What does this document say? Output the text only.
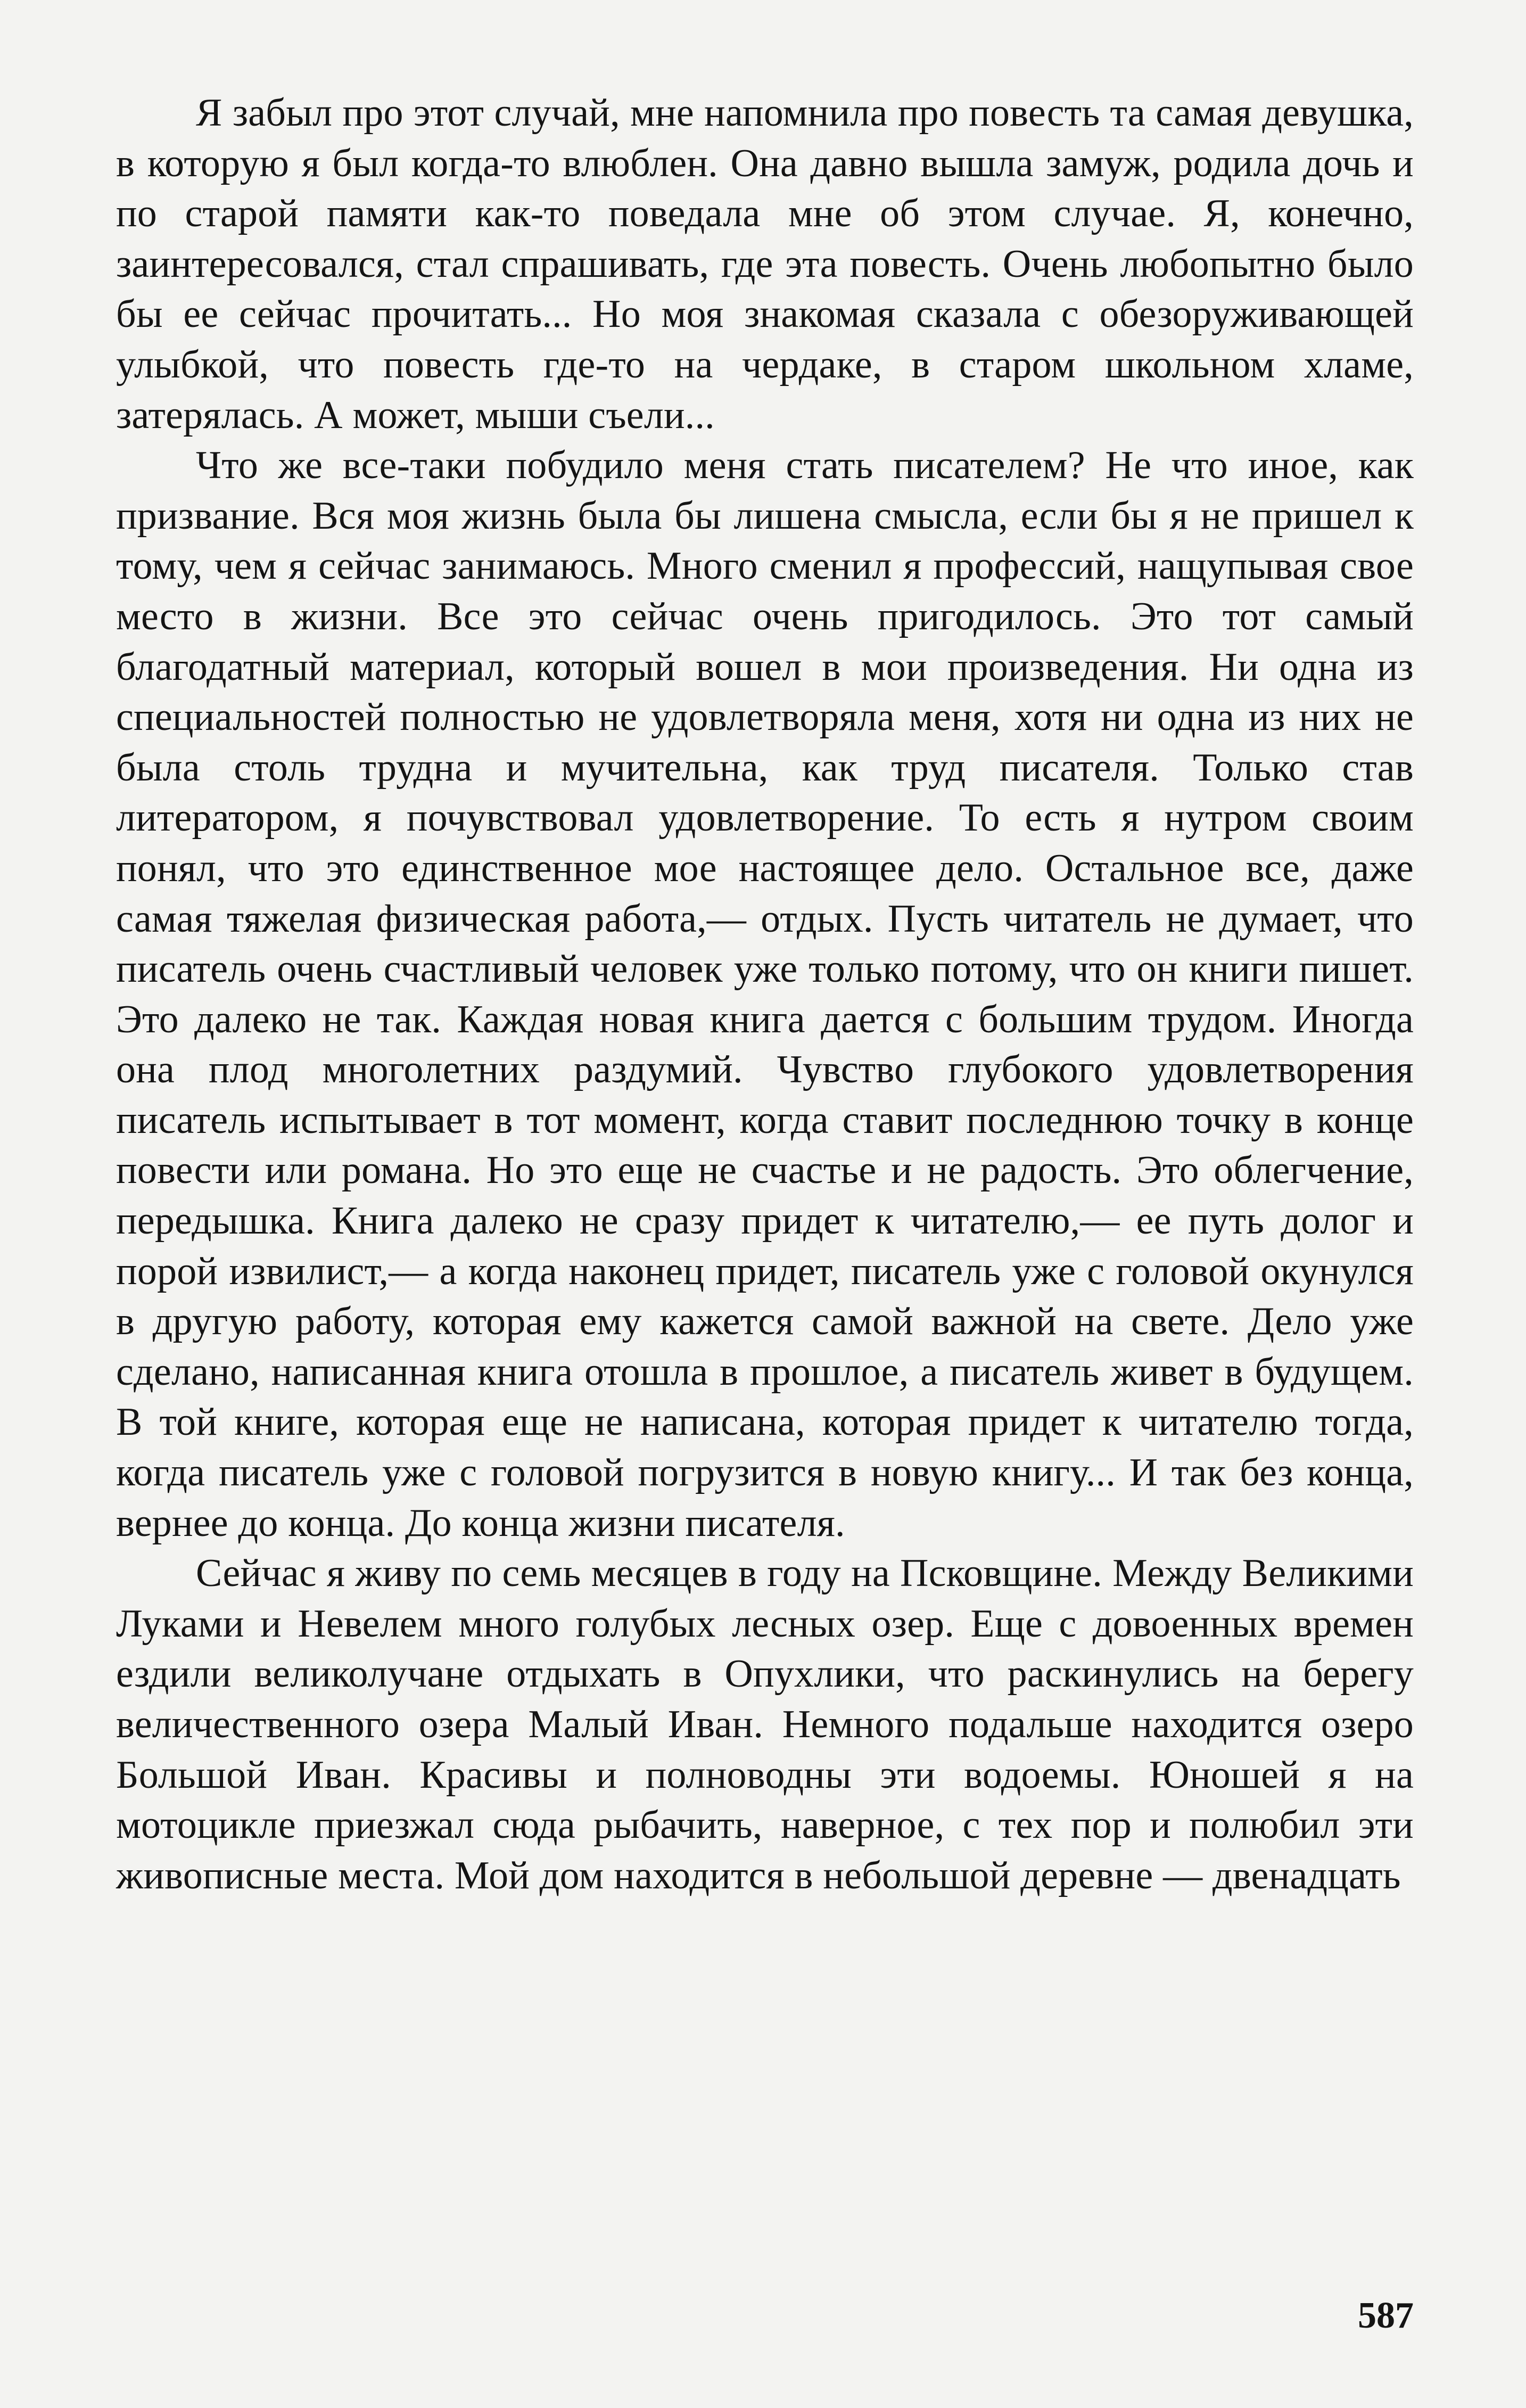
Я забыл про этот случай, мне напомнила про повесть та самая девушка, в которую я был когда-то влюблен. Она давно вышла замуж, родила дочь и по старой памяти как-то поведала мне об этом случае. Я, конечно, заинтересовался, стал спрашивать, где эта повесть. Очень любопытно было бы ее сейчас прочитать... Но моя знакомая сказала с обезоруживающей улыбкой, что повесть где-то на чердаке, в старом школьном хламе, затерялась. А может, мыши съели...

Что же все-таки побудило меня стать писателем? Не что иное, как призвание. Вся моя жизнь была бы лишена смысла, если бы я не пришел к тому, чем я сейчас занимаюсь. Много сменил я профессий, нащупывая свое место в жизни. Все это сейчас очень пригодилось. Это тот самый благодатный материал, который вошел в мои произведения. Ни одна из специальностей полностью не удовлетворяла меня, хотя ни одна из них не была столь трудна и мучительна, как труд писателя. Только став литератором, я почувствовал удовлетворение. То есть я нутром своим понял, что это единственное мое настоящее дело. Остальное все, даже самая тяжелая физическая работа,— отдых. Пусть читатель не думает, что писатель очень счастливый человек уже только потому, что он книги пишет. Это далеко не так. Каждая новая книга дается с большим трудом. Иногда она плод многолетних раздумий. Чувство глубокого удовлетворения писатель испытывает в тот момент, когда ставит последнюю точку в конце повести или романа. Но это еще не счастье и не радость. Это облегчение, передышка. Книга далеко не сразу придет к читателю,— ее путь долог и порой извилист,— а когда наконец придет, писатель уже с головой окунулся в другую работу, которая ему кажется самой важной на свете. Дело уже сделано, написанная книга отошла в прошлое, а писатель живет в будущем. В той книге, которая еще не написана, которая придет к читателю тогда, когда писатель уже с головой погрузится в новую книгу... И так без конца, вернее до конца. До конца жизни писателя.

Сейчас я живу по семь месяцев в году на Псковщине. Между Великими Луками и Невелем много голубых лесных озер. Еще с довоенных времен ездили великолучане отдыхать в Опухлики, что раскинулись на берегу величественного озера Малый Иван. Немного подальше находится озеро Большой Иван. Красивы и полноводны эти водоемы. Юношей я на мотоцикле приезжал сюда рыбачить, наверное, с тех пор и полюбил эти живописные места. Мой дом находится в небольшой деревне — двенадцать

587
